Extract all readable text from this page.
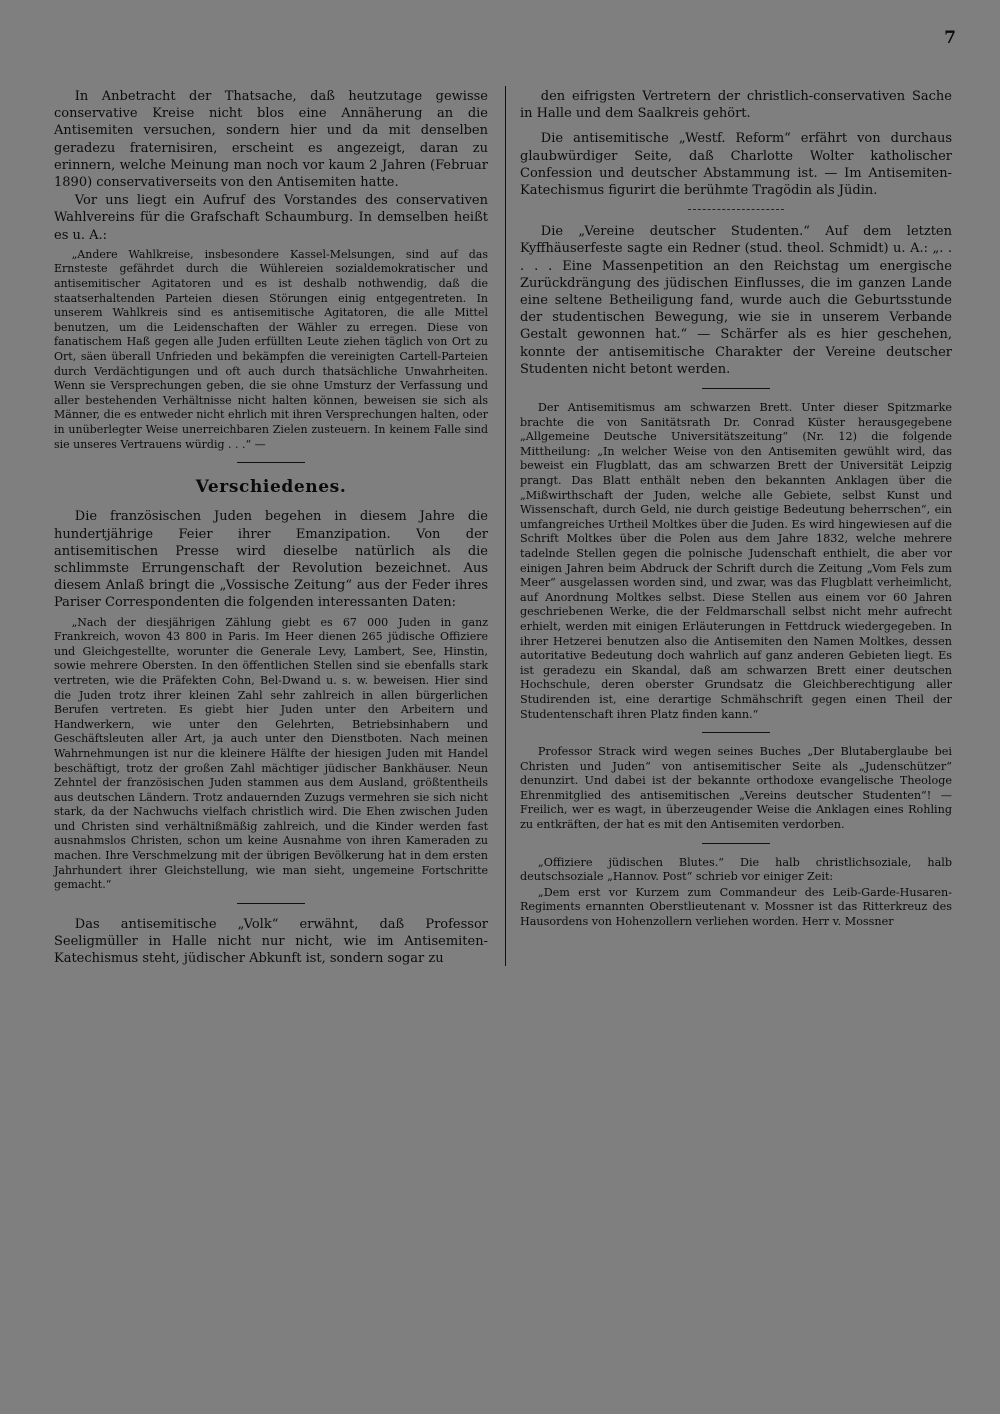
7

In Anbetracht der Thatsache, daß heutzutage gewisse conservative Kreise nicht blos eine Annäherung an die Antisemiten versuchen, sondern hier und da mit denselben geradezu fraternisiren, erscheint es angezeigt, daran zu erinnern, welche Meinung man noch vor kaum 2 Jahren (Februar 1890) conservativerseits von den Antisemiten hatte.

Vor uns liegt ein Aufruf des Vorstandes des conservativen Wahlvereins für die Grafschaft Schaumburg. In demselben heißt es u. A.:

„Andere Wahlkreise, insbesondere Kassel-Melsungen, sind auf das Ernsteste gefährdet durch die Wühlereien sozialdemokratischer und antisemitischer Agitatoren und es ist deshalb nothwendig, daß die staatserhaltenden Parteien diesen Störungen einig entgegentreten. In unserem Wahlkreis sind es antisemitische Agitatoren, die alle Mittel benutzen, um die Leidenschaften der Wähler zu erregen. Diese von fanatischem Haß gegen alle Juden erfüllten Leute ziehen täglich von Ort zu Ort, säen überall Unfrieden und bekämpfen die vereinigten Cartell-Parteien durch Verdächtigungen und oft auch durch thatsächliche Unwahrheiten. Wenn sie Versprechungen geben, die sie ohne Umsturz der Verfassung und aller bestehenden Verhältnisse nicht halten können, beweisen sie sich als Männer, die es entweder nicht ehrlich mit ihren Versprechungen halten, oder in unüberlegter Weise unerreichbaren Zielen zusteuern. In keinem Falle sind sie unseres Vertrauens würdig . . .“ —

Verschiedenes.

Die französischen Juden begehen in diesem Jahre die hundertjährige Feier ihrer Emanzipation. Von der antisemitischen Presse wird dieselbe natürlich als die schlimmste Errungenschaft der Revolution bezeichnet. Aus diesem Anlaß bringt die „Vossische Zeitung“ aus der Feder ihres Pariser Correspondenten die folgenden interessanten Daten:

„Nach der diesjährigen Zählung giebt es 67 000 Juden in ganz Frankreich, wovon 43 800 in Paris. Im Heer dienen 265 jüdische Offiziere und Gleichgestellte, worunter die Generale Levy, Lambert, See, Hinstin, sowie mehrere Obersten. In den öffentlichen Stellen sind sie ebenfalls stark vertreten, wie die Präfekten Cohn, Bel-Dwand u. s. w. beweisen. Hier sind die Juden trotz ihrer kleinen Zahl sehr zahlreich in allen bürgerlichen Berufen vertreten. Es giebt hier Juden unter den Arbeitern und Handwerkern, wie unter den Gelehrten, Betriebsinhabern und Geschäftsleuten aller Art, ja auch unter den Dienstboten. Nach meinen Wahrnehmungen ist nur die kleinere Hälfte der hiesigen Juden mit Handel beschäftigt, trotz der großen Zahl mächtiger jüdischer Bankhäuser. Neun Zehntel der französischen Juden stammen aus dem Ausland, größtentheils aus deutschen Ländern. Trotz andauernden Zuzugs vermehren sie sich nicht stark, da der Nachwuchs vielfach christlich wird. Die Ehen zwischen Juden und Christen sind verhältnißmäßig zahlreich, und die Kinder werden fast ausnahmslos Christen, schon um keine Ausnahme von ihren Kameraden zu machen. Ihre Verschmelzung mit der übrigen Bevölkerung hat in dem ersten Jahrhundert ihrer Gleichstellung, wie man sieht, ungemeine Fortschritte gemacht.“

Das antisemitische „Volk“ erwähnt, daß Professor Seeligmüller in Halle nicht nur nicht, wie im Antisemiten-Katechismus steht, jüdischer Abkunft ist, sondern sogar zu

den eifrigsten Vertretern der christlich-conservativen Sache in Halle und dem Saalkreis gehört.

Die antisemitische „Westf. Reform“ erfährt von durchaus glaubwürdiger Seite, daß Charlotte Wolter katholischer Confession und deutscher Abstammung ist. — Im Antisemiten-Katechismus figurirt die berühmte Tragödin als Jüdin.

Die „Vereine deutscher Studenten.“ Auf dem letzten Kyffhäuserfeste sagte ein Redner (stud. theol. Schmidt) u. A.: „. . . . . Eine Massenpetition an den Reichstag um energische Zurückdrängung des jüdischen Einflusses, die im ganzen Lande eine seltene Betheiligung fand, wurde auch die Geburtsstunde der studentischen Bewegung, wie sie in unserem Verbande Gestalt gewonnen hat.“ — Schärfer als es hier geschehen, konnte der antisemitische Charakter der Vereine deutscher Studenten nicht betont werden.

Der Antisemitismus am schwarzen Brett. Unter dieser Spitzmarke brachte die von Sanitätsrath Dr. Conrad Küster herausgegebene „Allgemeine Deutsche Universitätszeitung“ (Nr. 12) die folgende Mittheilung: „In welcher Weise von den Antisemiten gewühlt wird, das beweist ein Flugblatt, das am schwarzen Brett der Universität Leipzig prangt. Das Blatt enthält neben den bekannten Anklagen über die „Mißwirthschaft der Juden, welche alle Gebiete, selbst Kunst und Wissenschaft, durch Geld, nie durch geistige Bedeutung beherrschen“, ein umfangreiches Urtheil Moltkes über die Juden. Es wird hingewiesen auf die Schrift Moltkes über die Polen aus dem Jahre 1832, welche mehrere tadelnde Stellen gegen die polnische Judenschaft enthielt, die aber vor einigen Jahren beim Abdruck der Schrift durch die Zeitung „Vom Fels zum Meer“ ausgelassen worden sind, und zwar, was das Flugblatt verheimlicht, auf Anordnung Moltkes selbst. Diese Stellen aus einem vor 60 Jahren geschriebenen Werke, die der Feldmarschall selbst nicht mehr aufrecht erhielt, werden mit einigen Erläuterungen in Fettdruck wiedergegeben. In ihrer Hetzerei benutzen also die Antisemiten den Namen Moltkes, dessen autoritative Bedeutung doch wahrlich auf ganz anderen Gebieten liegt. Es ist geradezu ein Skandal, daß am schwarzen Brett einer deutschen Hochschule, deren oberster Grundsatz die Gleichberechtigung aller Studirenden ist, eine derartige Schmähschrift gegen einen Theil der Studentenschaft ihren Platz finden kann.“

Professor Strack wird wegen seines Buches „Der Blutaberglaube bei Christen und Juden“ von antisemitischer Seite als „Judenschützer“ denunzirt. Und dabei ist der bekannte orthodoxe evangelische Theologe Ehrenmitglied des antisemitischen „Vereins deutscher Studenten“! — Freilich, wer es wagt, in überzeugender Weise die Anklagen eines Rohling zu entkräften, der hat es mit den Antisemiten verdorben.

„Offiziere jüdischen Blutes.“ Die halb christlichsoziale, halb deutschsoziale „Hannov. Post“ schrieb vor einiger Zeit:

„Dem erst vor Kurzem zum Commandeur des Leib-Garde-Husaren-Regiments ernannten Oberstlieutenant v. Mossner ist das Ritterkreuz des Hausordens von Hohenzollern verliehen worden. Herr v. Mossner
